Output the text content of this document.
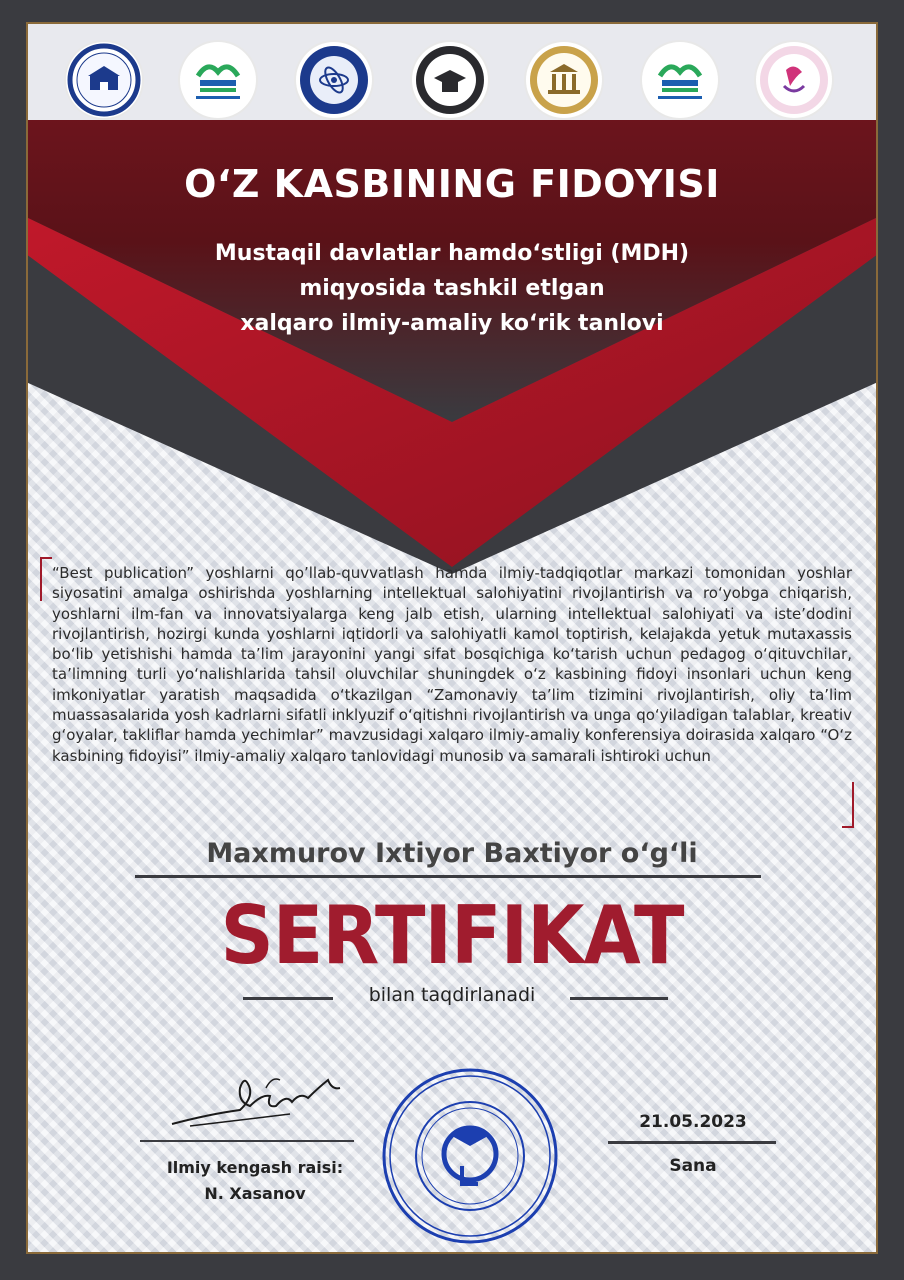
O‘Z KASBINING FIDOYISI
Mustaqil davlatlar hamdo‘stligi (MDH)
miqyosida tashkil etlgan
xalqaro ilmiy-amaliy ko‘rik tanlovi
“Best publication” yoshlarni qo’llab-quvvatlash hamda ilmiy-tadqiqotlar markazi tomonidan yoshlar siyosatini amalga oshirishda yoshlarning intellektual salohiyatini rivojlantirish va ro‘yobga chiqarish, yoshlarni ilm-fan va innovatsiyalarga keng jalb etish, ularning intellektual salohiyati va iste’dodini rivojlantirish, hozirgi kunda yoshlarni iqtidorli va salohiyatli kamol toptirish, kelajakda yetuk mutaxassis bo‘lib yetishishi hamda ta’lim jarayonini yangi sifat bosqichiga ko‘tarish uchun pedagog o‘qituvchilar, ta’limning turli yo‘nalishlarida tahsil oluvchilar shuningdek o‘z kasbining fidoyi insonlari uchun keng imkoniyatlar yaratish maqsadida o‘tkazilgan “Zamonaviy ta’lim tizimini rivojlantirish, oliy ta’lim muassasalarida yosh kadrlarni sifatli inklyuzif o‘qitishni rivojlantirish va unga qo‘yiladigan talablar, kreativ g‘oyalar, takliflar hamda yechimlar” mavzusidagi xalqaro ilmiy-amaliy konferensiya doirasida xalqaro “O‘z kasbining fidoyisi” ilmiy-amaliy xalqaro tanlovidagi munosib va samarali ishtiroki uchun
Maxmurov Ixtiyor Baxtiyor o‘g‘li
SERTIFIKAT
bilan taqdirlanadi
Ilmiy kengash raisi:
N. Xasanov
21.05.2023
Sana
